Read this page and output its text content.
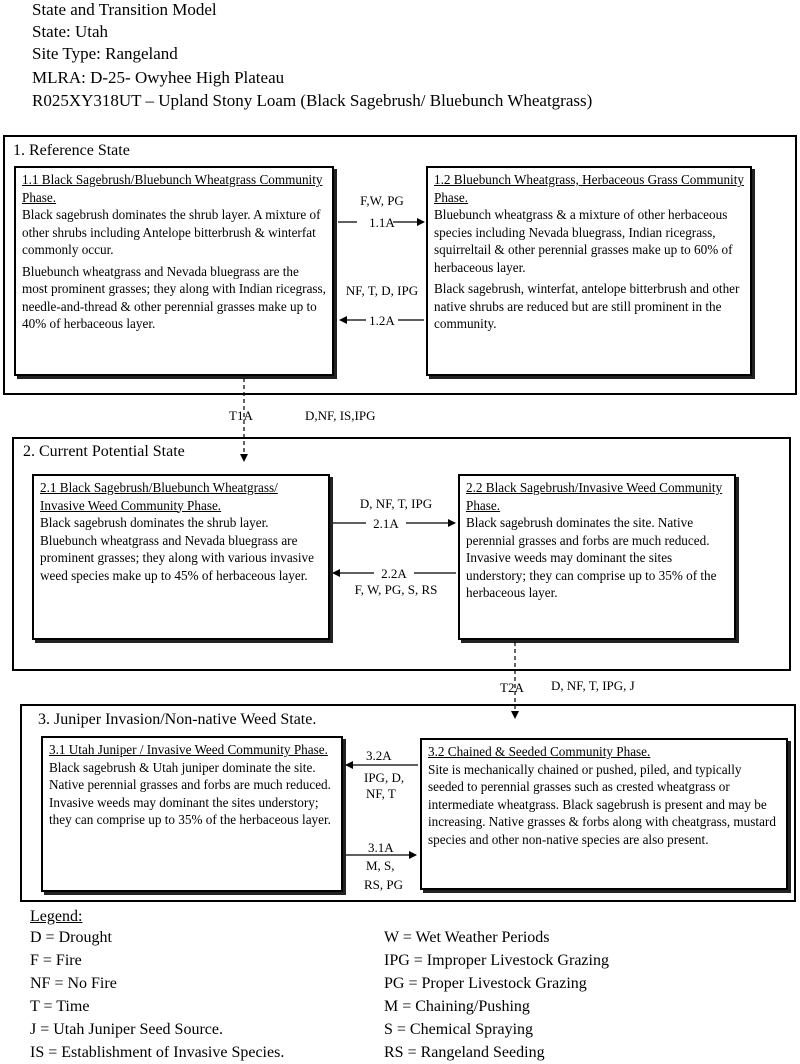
State and Transition Model
State: Utah
Site Type: Rangeland
MLRA: D-25- Owyhee High Plateau
R025XY318UT – Upland Stony Loam (Black Sagebrush/ Bluebunch Wheatgrass)
1. Reference State
1.1 Black Sagebrush/Bluebunch Wheatgrass Community Phase.

Black sagebrush dominates the shrub layer. A mixture of other shrubs including Antelope bitterbrush & winterfat commonly occur.

Bluebunch wheatgrass and Nevada bluegrass are the most prominent grasses; they along with Indian ricegrass, needle-and-thread & other perennial grasses make up to 40% of herbaceous layer.

1.2 Bluebunch Wheatgrass, Herbaceous Grass Community Phase.

Bluebunch wheatgrass & a mixture of other herbaceous species including Nevada bluegrass, Indian ricegrass, squirreltail & other perennial grasses make up to 60% of herbaceous layer.

Black sagebrush, winterfat, antelope bitterbrush and other native shrubs are reduced but are still prominent in the community.

F,W, PG
1.1A
NF, T, D, IPG
1.2A
T1A	D,NF, IS,IPG
2. Current Potential State
2.1 Black Sagebrush/Bluebunch Wheatgrass/ Invasive Weed Community Phase.

Black sagebrush dominates the shrub layer. Bluebunch wheatgrass and Nevada bluegrass are prominent grasses; they along with various invasive weed species make up to 45% of herbaceous layer.

2.2 Black Sagebrush/Invasive Weed Community Phase.

Black sagebrush dominates the site. Native perennial grasses and forbs are much reduced. Invasive weeds may dominant the sites understory; they can comprise up to 35% of the herbaceous layer.

D, NF, T, IPG
2.1A
2.2A
F, W, PG, S, RS
T2A D, NF, T, IPG, J
3. Juniper Invasion/Non-native Weed State.
3.1 Utah Juniper / Invasive Weed Community Phase.

Black sagebrush & Utah juniper dominate the site. Native perennial grasses and forbs are much reduced. Invasive weeds may dominant the sites understory; they can comprise up to 35% of the herbaceous layer.

3.2 Chained & Seeded Community Phase.

Site is mechanically chained or pushed, piled, and typically seeded to perennial grasses such as crested wheatgrass or intermediate wheatgrass. Black sagebrush is present and may be increasing. Native grasses & forbs along with cheatgrass, mustard species and other non-native species are also present.

3.2A
IPG, D,
NF, T
3.1A
M, S,
RS, PG
Legend:
D = Drought
F = Fire
NF = No Fire
T = Time
J = Utah Juniper Seed Source.
IS = Establishment of Invasive Species.
W = Wet Weather Periods
IPG = Improper Livestock Grazing
PG = Proper Livestock Grazing
M = Chaining/Pushing
S = Chemical Spraying
RS = Rangeland Seeding
